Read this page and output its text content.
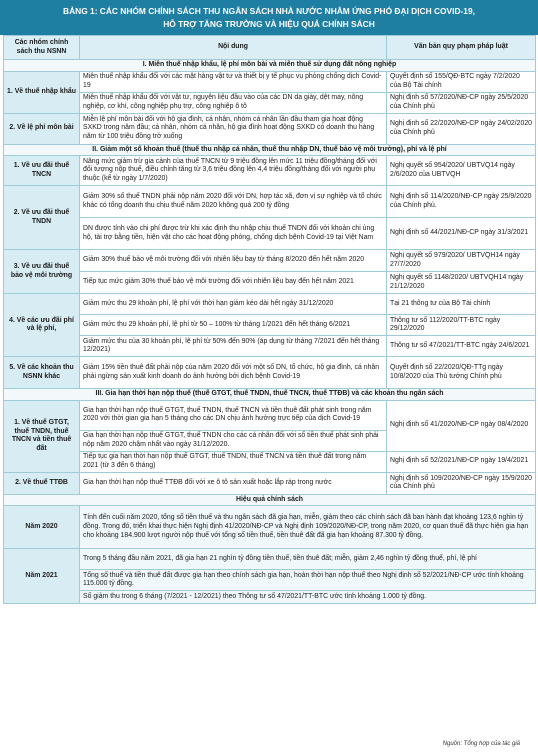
BẢNG 1: CÁC NHÓM CHÍNH SÁCH THU NGÂN SÁCH NHÀ NƯỚC NHẰM ỨNG PHÓ ĐẠI DỊCH COVID-19,
HỖ TRỢ TĂNG TRƯỞNG VÀ HIỆU QUẢ CHÍNH SÁCH
Các nhóm chính sách thu NSNN	Nội dung	Văn bản quy phạm pháp luật
I. Miễn thuế nhập khẩu, lệ phí môn bài và miễn thuế sử dụng đất nông nghiệp		
1. Về thuế nhập khẩu	Miễn thuế nhập khẩu đối với các mặt hàng vật tư và thiết bị y tế phục vụ phòng chống dịch Covid-19	Quyết định số 155/QĐ-BTC ngày 7/2/2020 của Bộ Tài chính
	Miễn thuế nhập khẩu đối với vật tư, nguyên liệu đầu vào của các DN da giày, dệt may, nông nghiệp, cơ khí, công nghiệp phụ trợ, công nghiệp ô tô	Nghị định số 57/2020/NĐ-CP ngày 25/5/2020 của Chính phủ
2. Về lệ phí môn bài	Miễn lệ phí môn bài đối với hộ gia đình, cá nhân, nhóm cá nhân lần đầu tham gia hoạt động SXKD trong năm đầu; cá nhân, nhóm cá nhân, hộ gia đình hoạt động SXKD có doanh thu hàng năm từ 100 triệu đồng trở xuống	Nghị định số 22/2020/NĐ-CP ngày 24/02/2020 của Chính phủ
II. Giảm một số khoản thuế (thuế thu nhập cá nhân, thuế thu nhập DN, thuế bảo vệ môi trường), phí và lệ phí		
1. Về ưu đãi thuế TNCN	Nâng mức giảm trừ gia cảnh của thuế TNCN từ 9 triệu đồng lên mức 11 triệu đồng/tháng đối với đối tượng nộp thuế, điều chỉnh tăng từ 3,6 triệu đồng lên 4,4 triệu đồng/tháng đối với người phụ thuộc (kể từ ngày 1/7/2020)	Nghị quyết số 954/2020/ UBTVQ14 ngày 2/6/2020 của UBTVQH
2. Về ưu đãi thuế TNDN	Giảm 30% số thuế TNDN phải nộp năm 2020 đối với DN, hợp tác xã, đơn vị sự nghiệp và tổ chức khác có tổng doanh thu chịu thuế năm 2020 không quá 200 tỷ đồng	Nghị định số 114/2020/NĐ-CP ngày 25/9/2020 của Chính phủ.
	DN được tính vào chi phí được trừ khi xác định thu nhập chịu thuế TNDN đối với khoản chi ủng hộ, tài trợ bằng tiền, hiện vật cho các hoạt động phòng, chống dịch bệnh Covid-19 tại Việt Nam	Nghị định số 44/2021/NĐ-CP ngày 31/3/2021
3. Về ưu đãi thuế bảo vệ môi trường	Giảm 30% thuế bảo vệ môi trường đối với nhiên liệu bay từ tháng 8/2020 đến hết năm 2020	Nghị quyết số 979/2020/ UBTVQH14 ngày 27/7/2020
	Tiếp tục mức giảm 30% thuế bảo vệ môi trường đối với nhiên liệu bay đến hết năm 2021	Nghị quyết số 1148/2020/ UBTVQH14 ngày 21/12/2020
4. Về các ưu đãi phí và lệ phí,	Giảm mức thu 29 khoản phí, lệ phí với thời hạn giảm kéo dài hết ngày 31/12/2020	Tại 21 thông tư của Bộ Tài chính
	Giảm mức thu 29 khoản phí, lệ phí từ 50 – 100% từ tháng 1/2021 đến hết tháng 6/2021	Thông tư số 112/2020/TT-BTC ngày 29/12/2020
	Giảm mức thu của 30 khoản phí, lệ phí từ 50% đến 90% (áp dụng từ tháng 7/2021 đến hết tháng 12/2021)	Thông tư số 47/2021/TT-BTC ngày 24/6/2021
5. Về các khoản thu NSNN khác	Giảm 15% tiền thuê đất phải nộp của năm 2020 đối với một số DN, tổ chức, hộ gia đình, cá nhân phải ngừng sản xuất kinh doanh do ảnh hưởng bởi dịch bệnh Covid-19	Quyết định số 22/2020/QĐ-TTg ngày 10/8/2020 của Thủ tướng Chính phủ
III. Gia hạn thời hạn nộp thuế (thuế GTGT, thuế TNDN, thuế TNCN, thuế TTĐB) và các khoản thu ngân sách		
1. Về thuế GTGT, thuế TNDN, thuế TNCN và tiền thuê đất	Gia hạn thời hạn nộp thuế GTGT, thuế TNDN, thuế TNCN và tiền thuê đất phát sinh trong năm 2020 với thời gian gia hạn 5 tháng cho các DN chịu ảnh hưởng trực tiếp của dịch Covid-19	Nghị định số 41/2020/NĐ-CP ngày 08/4/2020
	Gia hạn thời hạn nộp thuế GTGT, thuế TNDN cho các cá nhân đối với số tiền thuế phát sinh phải nộp năm 2020 chậm nhất vào ngày 31/12/2020.	
	Tiếp tục gia hạn thời hạn nộp thuế GTGT, thuế TNDN, thuế TNCN và tiền thuê đất trong năm 2021 (từ 3 đến 6 tháng)	Nghị định số 52/2021/NĐ-CP ngày 19/4/2021
2. Về thuế TTĐB	Gia hạn thời hạn nộp thuế TTĐB đối với xe ô tô sản xuất hoặc lắp ráp trong nước	Nghị định số 109/2020/NĐ-CP ngày 15/9/2020 của Chính phủ
Hiệu quả chính sách		
Năm 2020	Tính đến cuối năm 2020, tổng số tiền thuế và thu ngân sách đã gia hạn, miễn, giảm theo các chính sách đã ban hành đạt khoảng 123,6 nghìn tỷ đồng. Trong đó, triển khai thực hiện Nghị định 41/2020/NĐ-CP và Nghị định 109/2020/NĐ-CP, trong năm 2020, cơ quan thuế đã thực hiện gia hạn cho khoảng 184.900 lượt người nộp thuế với tổng số tiền thuế, tiền thuê đất đã gia hạn khoảng 87.300 tỷ đồng.	
Năm 2021	Trong 5 tháng đầu năm 2021, đã gia hạn 21 nghìn tỷ đồng tiền thuế, tiền thuê đất; miễn, giảm 2,46 nghìn tỷ đồng thuế, phí, lệ phí	
	Tổng số thuế và tiền thuê đất được gia hạn theo chính sách gia hạn, hoàn thời hạn nộp thuế theo Nghị định số 52/2021/NĐ-CP ước tính khoảng 115.000 tỷ đồng.	
	Số giảm thu trong 6 tháng (7/2021 - 12/2021) theo Thông tư số 47/2021/TT-BTC ước tính khoảng 1.000 tỷ đồng.	
Nguồn: Tổng hợp của tác giả
